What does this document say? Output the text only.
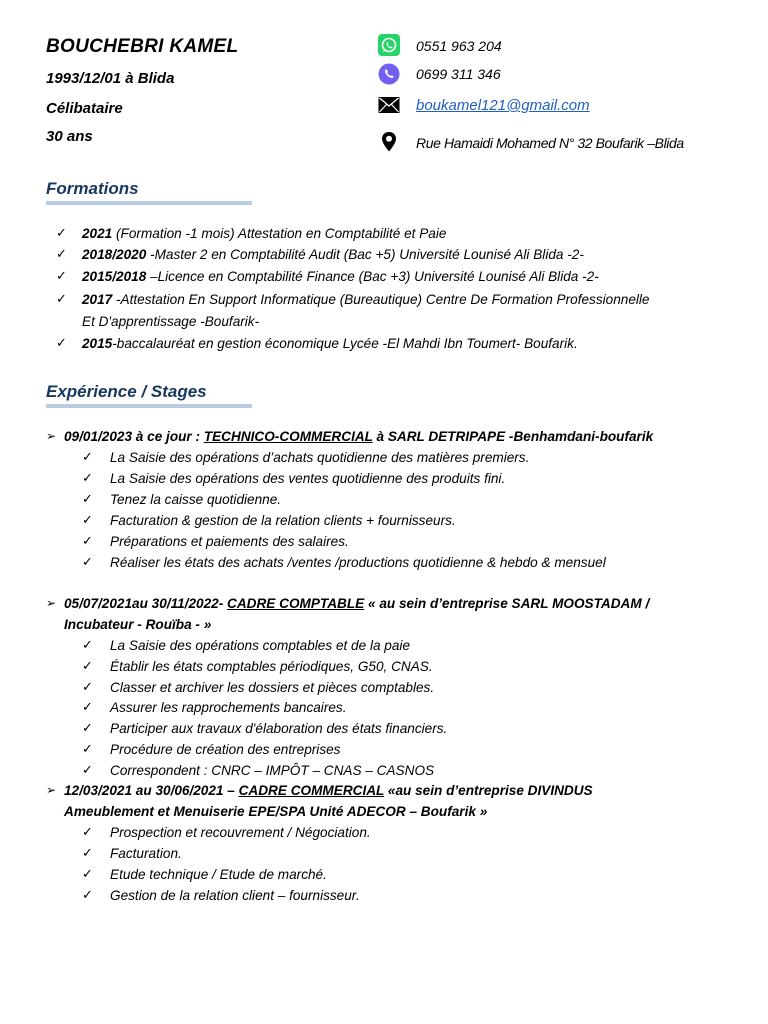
BOUCHEBRI KAMEL
1993/12/01 à Blida
Célibataire
30 ans
0551 963 204
0699 311 346
boukamel121@gmail.com
Rue Hamaidi Mohamed N° 32 Boufarik –Blida
Formations
✓ 2021 (Formation -1 mois) Attestation en Comptabilité et Paie
✓ 2018/2020 -Master 2 en Comptabilité Audit (Bac +5) Université Lounisé Ali Blida -2-
✓ 2015/2018 –Licence en Comptabilité Finance (Bac +3) Université Lounisé Ali Blida -2-
✓ 2017 -Attestation En Support Informatique (Bureautique) Centre De Formation Professionnelle
Et D'apprentissage -Boufarik-
✓ 2015-baccalauréat en gestion économique Lycée -El Mahdi Ibn Toumert- Boufarik.
Expérience / Stages
➢ 09/01/2023 à ce jour : TECHNICO-COMMERCIAL à SARL DETRIPAPE -Benhamdani-boufarik
✓ La Saisie des opérations d’achats quotidienne des matières premiers.
✓ La Saisie des opérations des ventes quotidienne des produits fini.
✓ Tenez la caisse quotidienne.
✓ Facturation & gestion de la relation clients + fournisseurs.
✓ Préparations et paiements des salaires.
✓ Réaliser les états des achats /ventes /productions quotidienne & hebdo & mensuel
➢ 05/07/2021au 30/11/2022- CADRE COMPTABLE « au sein d’entreprise SARL MOOSTADAM /
Incubateur - Rouïba - »
✓ La Saisie des opérations comptables et de la paie
✓ Établir les états comptables périodiques, G50, CNAS.
✓ Classer et archiver les dossiers et pièces comptables.
✓ Assurer les rapprochements bancaires.
✓ Participer aux travaux d'élaboration des états financiers.
✓ Procédure de création des entreprises
✓ Correspondent : CNRC – IMPÔT – CNAS – CASNOS
➢ 12/03/2021 au 30/06/2021 – CADRE COMMERCIAL «au sein d’entreprise DIVINDUS
Ameublement et Menuiserie EPE/SPA Unité ADECOR – Boufarik »
✓ Prospection et recouvrement / Négociation.
✓ Facturation.
✓ Etude technique / Etude de marché.
✓ Gestion de la relation client – fournisseur.
